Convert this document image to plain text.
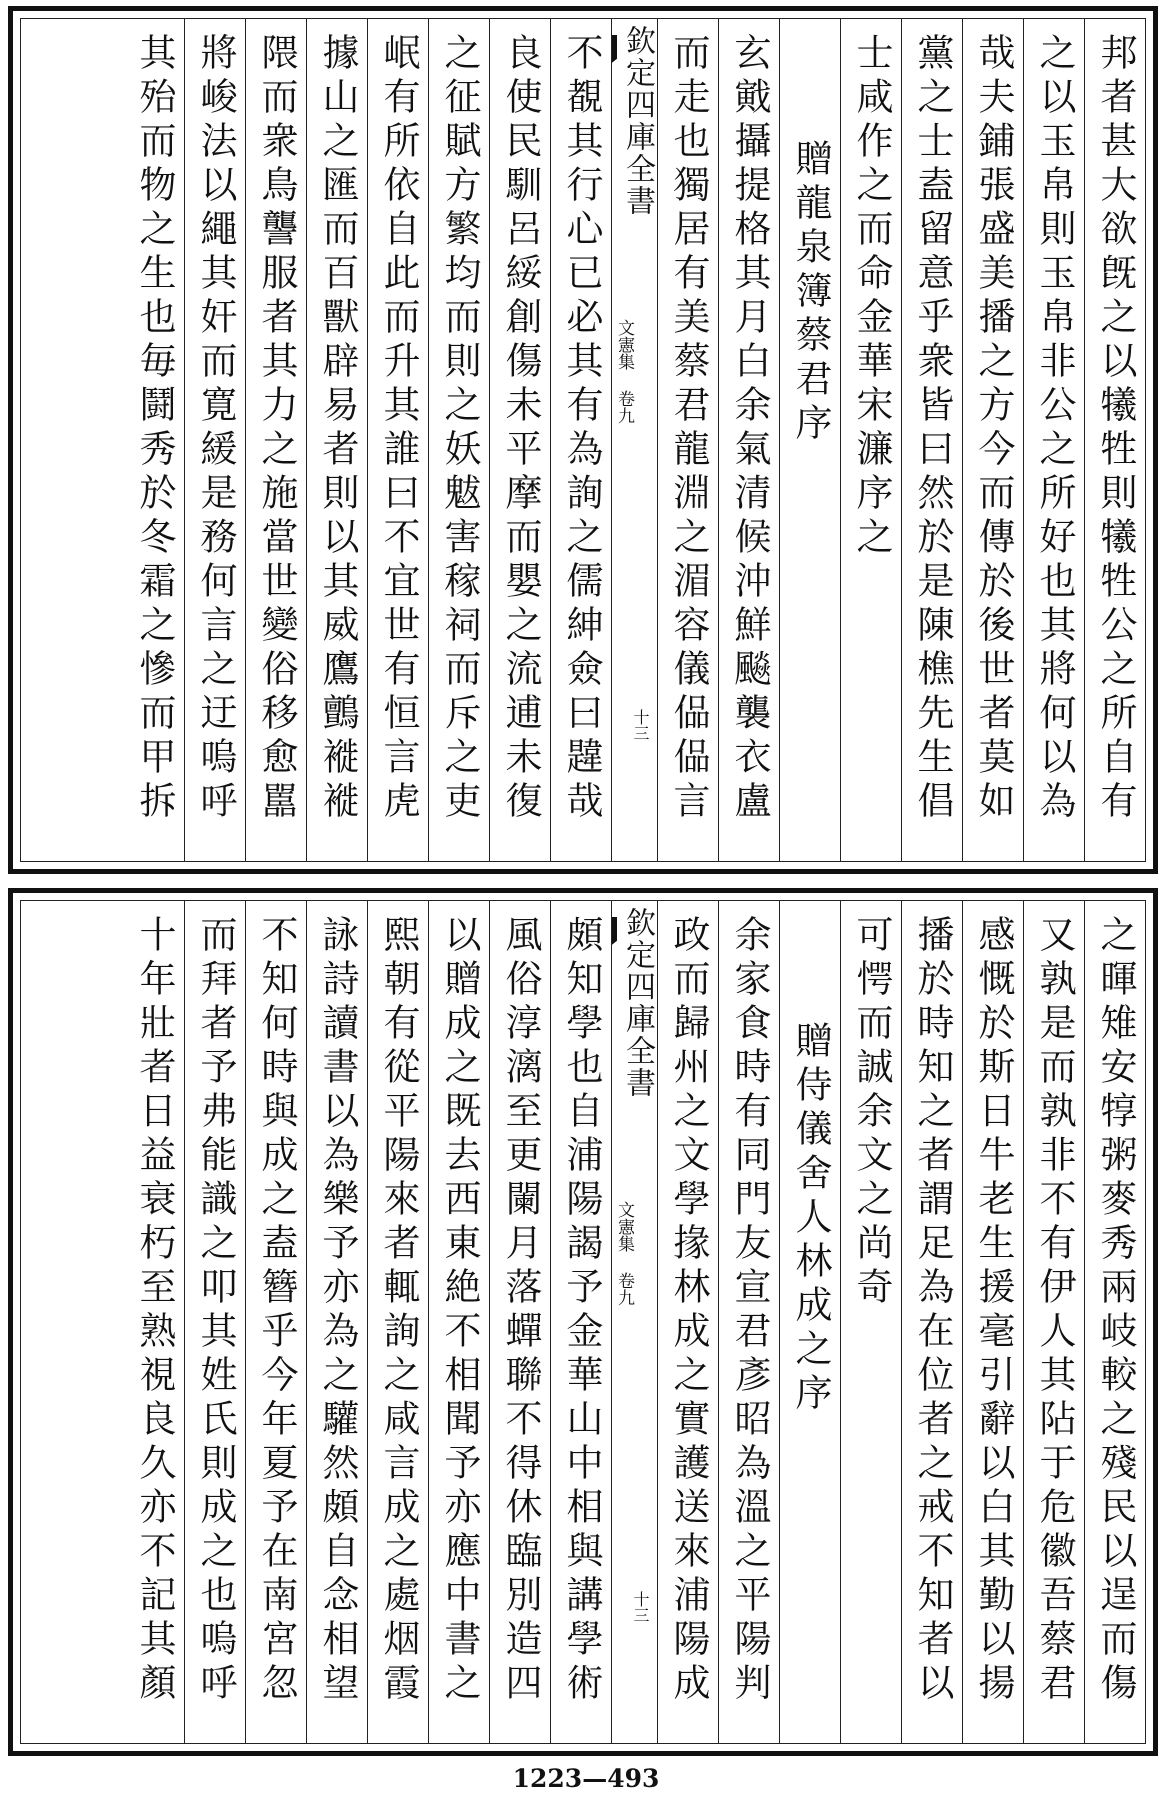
邦者甚大欲旣之以犧牲則犧牲公之所自有
之以玉帛則玉帛非公之所好也其將何以為
哉夫鋪張盛美播之方今而傳於後世者莫如
黨之士盍留意乎衆皆曰然於是陳樵先生倡
士咸作之而命金華宋濂序之
贈龍泉簿蔡君序
玄戭攝提格其月白余氣清候沖鮮飈襲衣盧
而走也獨居有美蔡君龍淵之湄容儀偘偘言
欽定四庫全書
文憲集 卷九
十三
不覩其行心已必其有為詢之儒紳僉曰韙哉
良使民馴呂綏創傷未平摩而嬰之流逋未復
之征賦方繁均而則之妖魃害稼祠而斥之吏
岷有所依自此而升其誰曰不宜世有恒言虎
據山之匯而百獸辟易者則以其威鷹鸇褷褷
隈而衆鳥讋服者其力之施當世變俗移愈嚚
將峻法以繩其奸而寛緩是務何言之迂嗚呼
其殆而物之生也毎鬪秀於冬霜之慘而甲拆
之暉雉安犉粥麥秀兩岐較之殘民以逞而傷
又孰是而孰非不有伊人其阽于危徽吾蔡君
感慨於斯日牛老生援毫引辭以白其勤以揚
播於時知之者謂足為在位者之戒不知者以
可愕而誠余文之尚奇
贈侍儀舍人林成之序
余家食時有同門友宣君彥昭為溫之平陽判
政而歸州之文學掾林成之實護送來浦陽成
欽定四庫全書
文憲集 卷九
十三
頗知學也自浦陽謁予金華山中相與講學術
風俗淳漓至更闌月落蟬聯不得休臨別造四
以贈成之既去西東絶不相聞予亦應中書之
熙朝有從平陽來者輒詢之咸言成之處烟霞
詠詩讀書以為樂予亦為之驩然頗自念相望
不知何時與成之盍簪乎今年夏予在南宮忽
而拜者予弗能識之叩其姓氏則成之也嗚呼
十年壯者日益衰朽至熟視良久亦不記其顏
1223—493
